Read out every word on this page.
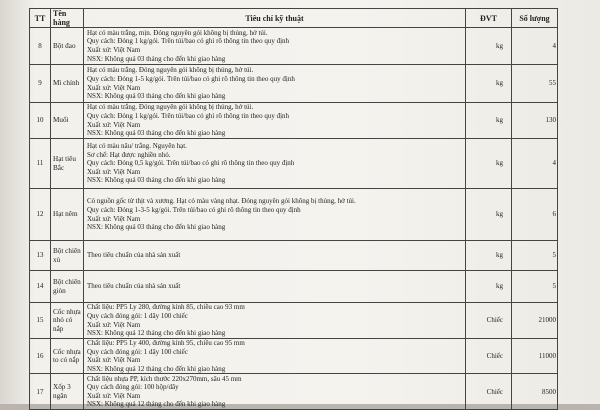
TT	Tên hàng	Tiêu chí kỹ thuật	ĐVT	Số lượng
8	Bột đao	Hạt có màu trắng, mịn. Đóng nguyên gói không bị thủng, hở túi.
Quy cách: Đóng 1 kg/gói. Trên túi/bao có ghi rõ thông tin theo quy định
Xuất xứ: Việt Nam
NSX: Không quá 03 tháng cho đến khi giao hàng	kg	4
9	Mì chính	Hạt có màu trắng. Đóng nguyên gói không bị thủng, hở túi.
Quy cách: Đóng 1-5 kg/gói. Trên túi/bao có ghi rõ thông tin theo quy định
Xuất xứ: Việt Nam
NSX: Không quá 03 tháng cho đến khi giao hàng	kg	55
10	Muối	Hạt có màu trắng. Đóng nguyên gói không bị thủng, hở túi.
Quy cách: Đóng 1 kg/gói. Trên túi/bao có ghi rõ thông tin theo quy định
Xuất xứ: Việt Nam
NSX: Không quá 03 tháng cho đến khi giao hàng	kg	130
11	Hạt tiêu Bắc	Hạt có màu nâu/ trắng. Nguyên hạt.
Sơ chế: Hạt được nghiền nhỏ.
Quy cách: Đóng 0,5 kg/gói. Trên túi/bao có ghi rõ thông tin theo quy định
Xuất xứ: Việt Nam
NSX: Không quá 03 tháng cho đến khi giao hàng	kg	4
12	Hạt nêm	Có nguồn gốc từ thịt và xương. Hạt có màu vàng nhạt. Đóng nguyên gói không bị thủng, hở túi.
Quy cách: Đóng 1-3-5 kg/gói. Trên túi/bao có ghi rõ thông tin theo quy định
Xuất xứ: Việt Nam
NSX: Không quá 03 tháng cho đến khi giao hàng	kg	6
13	Bột chiên xù	Theo tiêu chuẩn của nhà sản xuất	kg	5
14	Bột chiên giòn	Theo tiêu chuẩn của nhà sản xuất	kg	5
15	Cốc nhựa nhỏ có nắp	Chất liệu: PP5 Ly 280, đường kính 85, chiều cao 93 mm
Quy cách đóng gói: 1 dây 100 chiếc
Xuất xứ: Việt Nam
NSX: Không quá 12 tháng cho đến khi giao hàng	Chiếc	21000
16	Cốc nhựa to có nắp	Chất liệu: PP5 Ly 400, đường kính 95, chiều cao 95 mm
Quy cách đóng gói: 1 dây 100 chiếc
Xuất xứ: Việt Nam
NSX: Không quá 12 tháng cho đến khi giao hàng	Chiếc	11000
17	Xốp 3 ngăn	Chất liệu nhựa PP, kích thước 220x270mm, sâu 45 mm
Quy cách đóng gói: 100 hộp/dây
Xuất xứ: Việt Nam
NSX: Không quá 12 tháng cho đến khi giao hàng	Chiếc	8500
